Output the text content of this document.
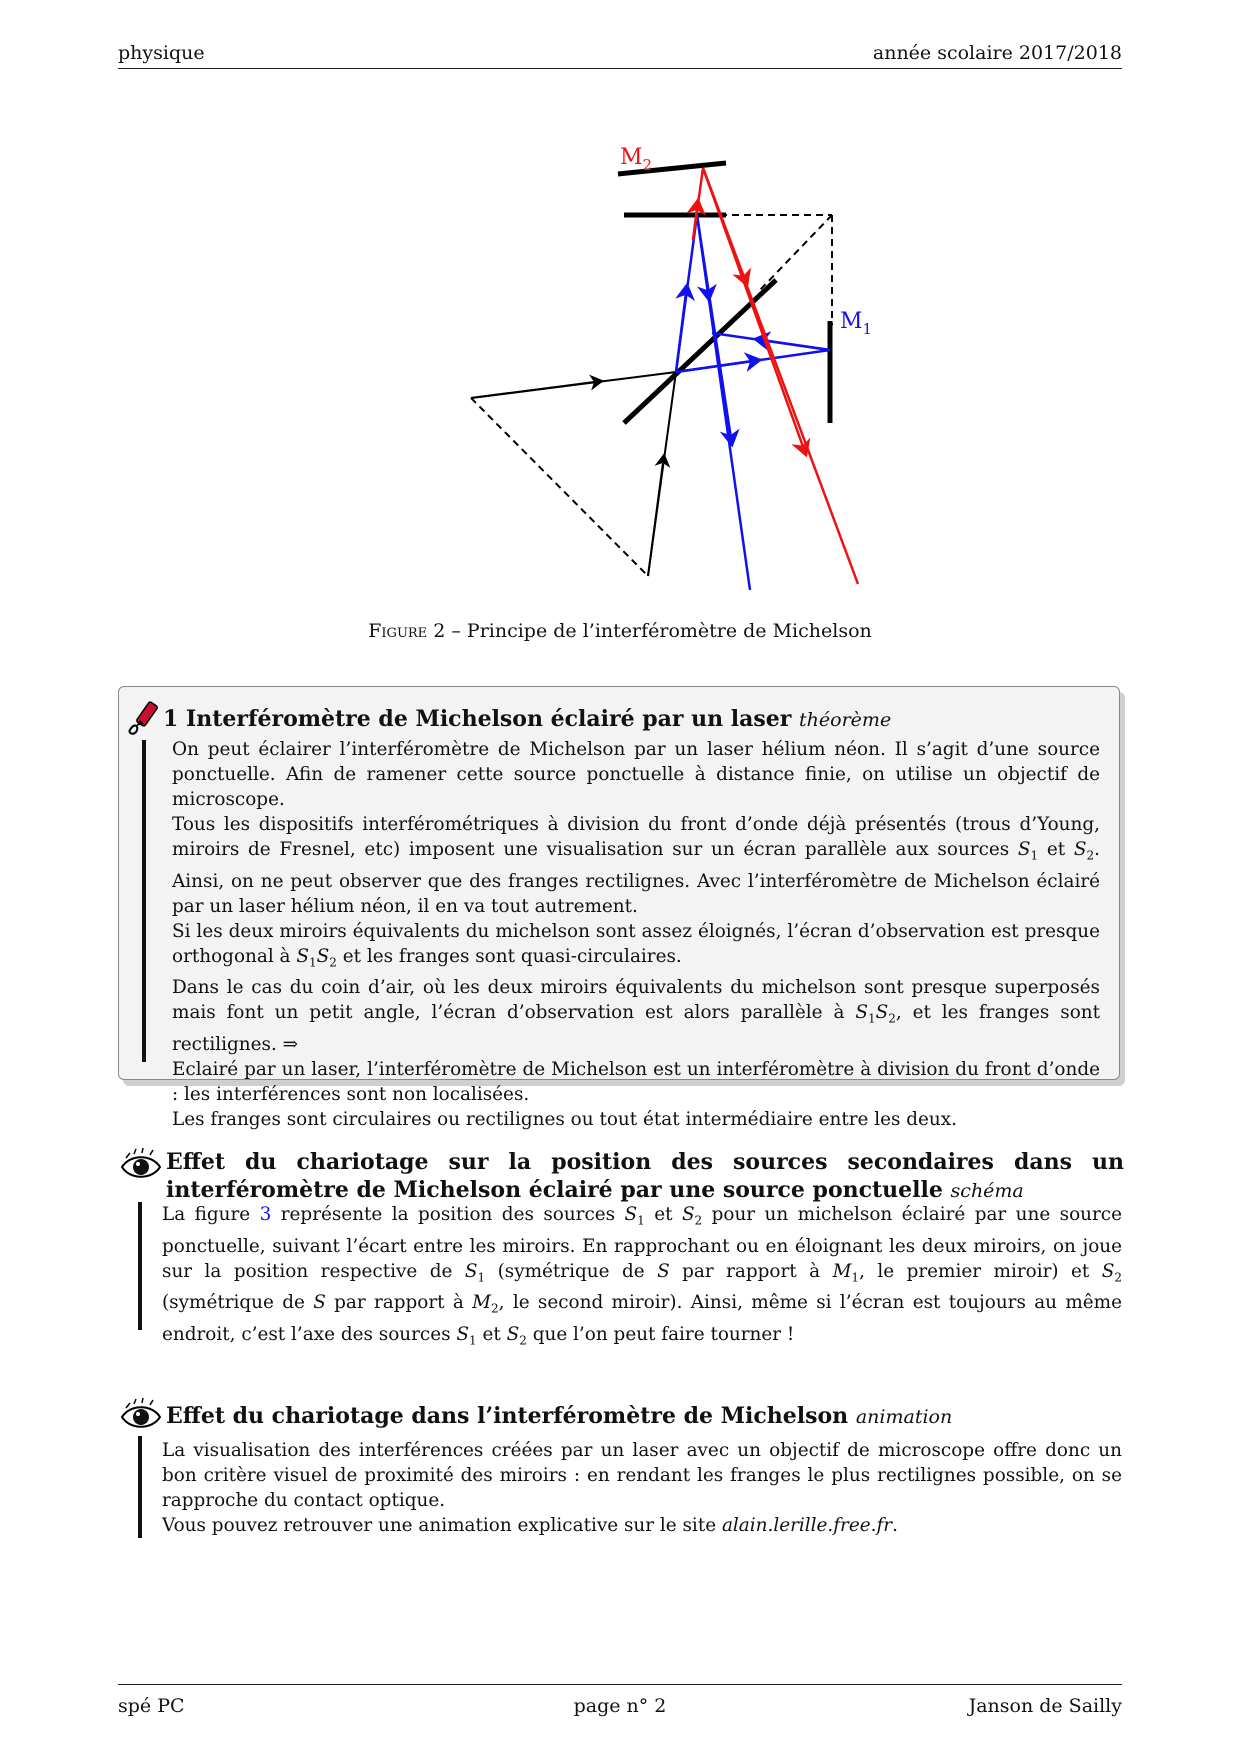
physique	année scolaire 2017/2018
$M_2$
$M_1$
Figure 2 – Principe de l’interféromètre de Michelson
1 Interféromètre de Michelson éclairé par un laser théorème

On peut éclairer l’interféromètre de Michelson par un laser hélium néon. Il s’agit d’une source ponctuelle. Afin de ramener cette source ponctuelle à distance finie, on utilise un objectif de microscope.

Tous les dispositifs interférométriques à division du front d’onde déjà présentés (trous d’Young, miroirs de Fresnel, etc) imposent une visualisation sur un écran parallèle aux sources $S_1$ et $S_2$. Ainsi, on ne peut observer que des franges rectilignes. Avec l’interféromètre de Michelson éclairé par un laser hélium néon, il en va tout autrement.

Si les deux miroirs équivalents du michelson sont assez éloignés, l’écran d’observation est presque orthogonal à $S_1S_2$ et les franges sont quasi-circulaires.

Dans le cas du coin d’air, où les deux miroirs équivalents du michelson sont presque superposés mais font un petit angle, l’écran d’observation est alors parallèle à $S_1S_2$, et les franges sont rectilignes. ⇒

Eclairé par un laser, l’interféromètre de Michelson est un interféromètre à division du front d’onde : les interférences sont non localisées.

Les franges sont circulaires ou rectilignes ou tout état intermédiaire entre les deux.

Effet du chariotage sur la position des sources secondaires dans un interféromètre de Michelson éclairé par une source ponctuelle schéma

La figure 3 représente la position des sources $S_1$ et $S_2$ pour un michelson éclairé par une source ponctuelle, suivant l’écart entre les miroirs. En rapprochant ou en éloignant les deux miroirs, on joue sur la position respective de $S_1$ (symétrique de S par rapport à $M_1$, le premier miroir) et $S_2$ (symétrique de S par rapport à $M_2$, le second miroir). Ainsi, même si l’écran est toujours au même endroit, c’est l’axe des sources $S_1$ et $S_2$ que l’on peut faire tourner !

Effet du chariotage dans l’interféromètre de Michelson animation

La visualisation des interférences créées par un laser avec un objectif de microscope offre donc un bon critère visuel de proximité des miroirs : en rendant les franges le plus rectilignes possible, on se rapproche du contact optique.

Vous pouvez retrouver une animation explicative sur le site alain.lerille.free.fr.

spé PC	page n° 2	Janson de Sailly
